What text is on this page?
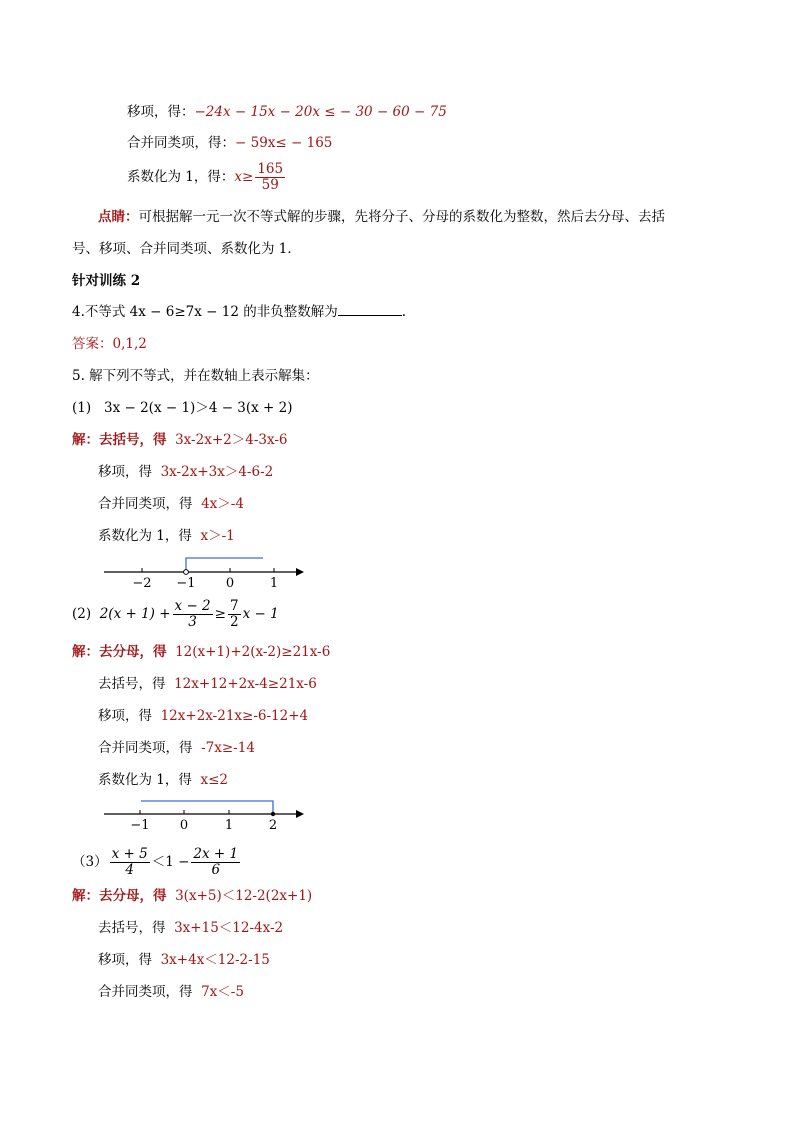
移项，得：−24x − 15x − 20x ≤ − 30 − 60 − 75
合并同类项，得：− 59x≤ − 165
系数化为 1，得：$x\ge \frac{165}{59}$
点睛：可根据解一元一次不等式解的步骤，先将分子、分母的系数化为整数，然后去分母、去括
号、移项、合并同类项、系数化为 1．
针对训练 2
4.不等式 4x − 6≥7x − 12 的非负整数解为	.
答案：0,1,2
5. 解下列不等式，并在数轴上表示解集：
(1) 3x − 2(x − 1)＞4 − 3(x + 2)
解：去括号，得 3x-2x+2＞4-3x-6
移项，得 3x-2x+3x＞4-6-2
合并同类项，得 4x＞-4
系数化为 1，得 x＞-1
−2 −1 0	1
(2) $2(x + 1) + \frac{x - 2}{3} \ge \frac{7}{2}$ x − 1
解：去分母，得 12(x+1)+2(x-2)≥21x-6
去括号，得 12x+12+2x-4≥21x-6
移项，得 12x+2x-21x≥-6-12+4
合并同类项，得 -7x≥-14
系数化为 1，得 x≤2
−1 0	1	2
$(3) \frac{x + 5}{4} <1 - \frac{2x + 1}{6}$
解：去分母，得 3(x+5)＜12-2(2x+1)
去括号，得 3x+15＜12-4x-2
移项，得 3x+4x＜12-2-15
合并同类项，得 7x＜-5
